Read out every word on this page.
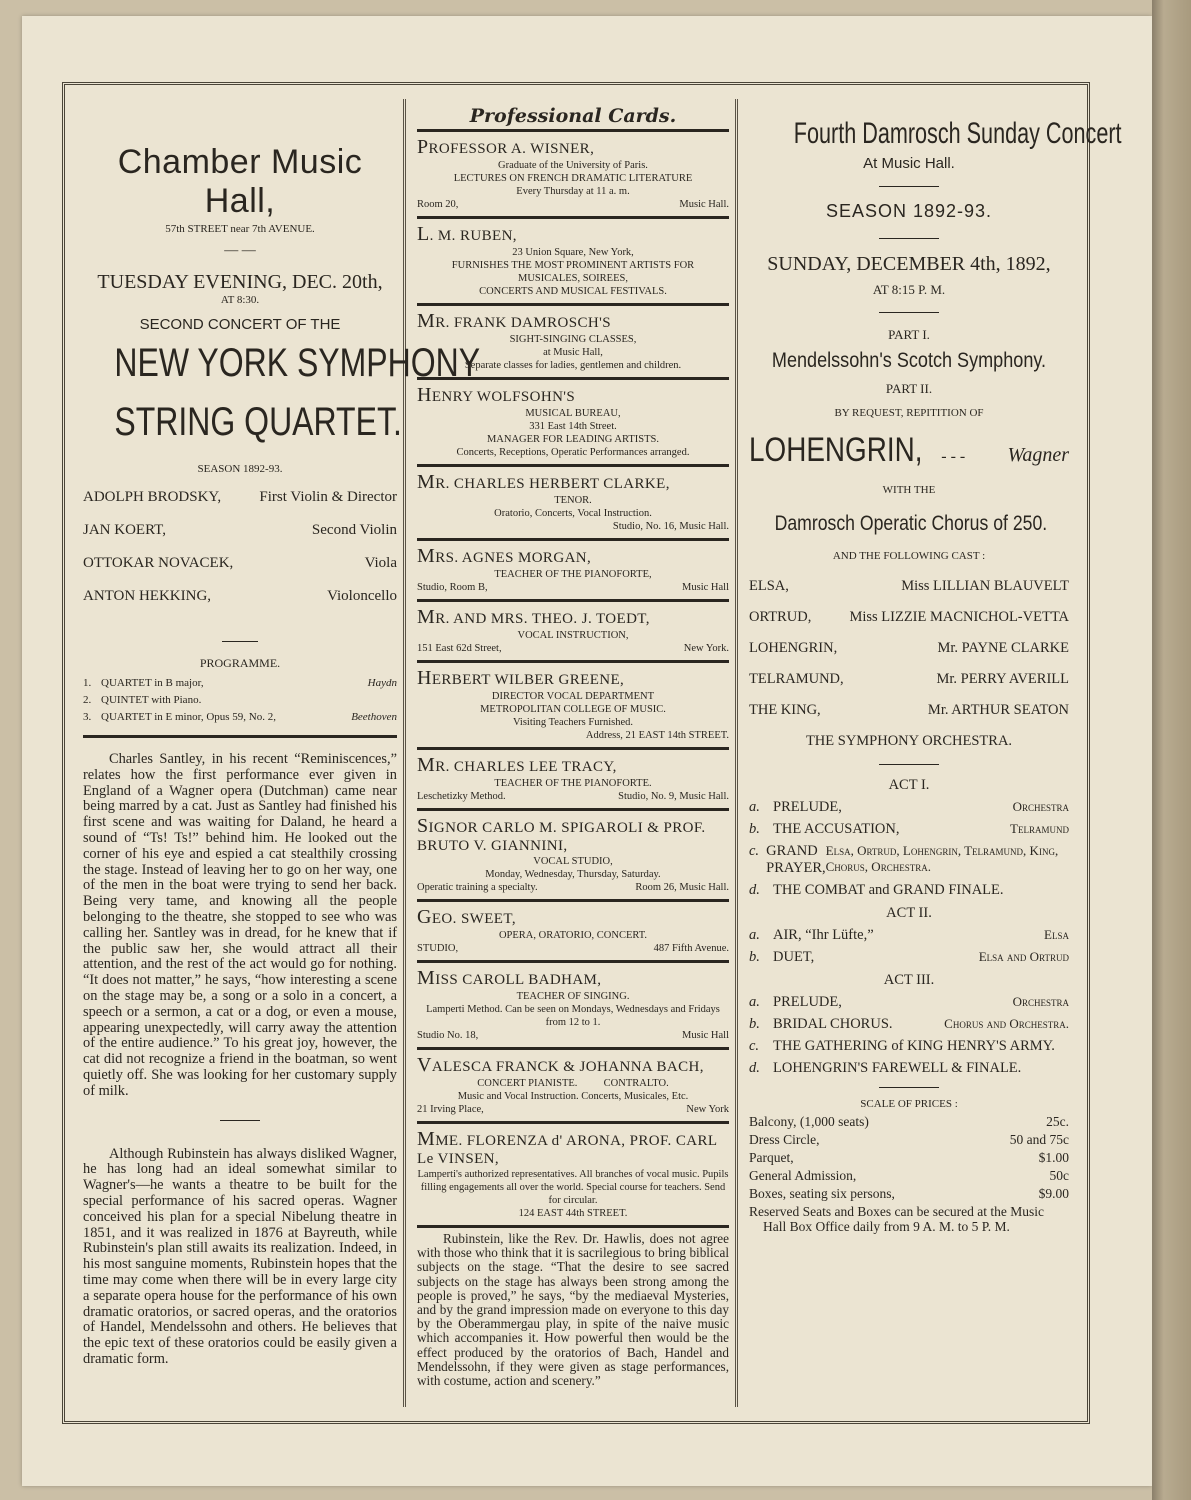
Chamber Music Hall,
57th STREET near 7th AVENUE.
— —
TUESDAY EVENING, DEC. 20th,
AT 8:30.
SECOND CONCERT OF THE
NEW YORK SYMPHONY
STRING QUARTET.
SEASON 1892-93.
ADOLPH BRODSKY,	First Violin & Director
JAN KOERT,	Second Violin
OTTOKAR NOVACEK,	Viola
ANTON HEKKING,	Violoncello
PROGRAMME.
1. QUARTET in B major,	Haydn
2. QUINTET with Piano.
3. QUARTET in E minor, Opus 59, No. 2,	Beethoven

Charles Santley, in his recent “Reminiscences,” relates how the first performance ever given in England of a Wagner opera (Dutchman) came near being marred by a cat. Just as Santley had finished his first scene and was waiting for Daland, he heard a sound of “Ts! Ts!” behind him. He looked out the corner of his eye and espied a cat stealthily crossing the stage. Instead of leaving her to go on her way, one of the men in the boat were trying to send her back. Being very tame, and knowing all the people belonging to the theatre, she stopped to see who was calling her. Santley was in dread, for he knew that if the public saw her, she would attract all their attention, and the rest of the act would go for nothing. “It does not matter,” he says, “how interesting a scene on the stage may be, a song or a solo in a concert, a speech or a sermon, a cat or a dog, or even a mouse, appearing unexpectedly, will carry away the attention of the entire audience.” To his great joy, however, the cat did not recognize a friend in the boatman, so went quietly off. She was looking for her customary supply of milk.

Although Rubinstein has always disliked Wagner, he has long had an ideal somewhat similar to Wagner's—he wants a theatre to be built for the special performance of his sacred operas. Wagner conceived his plan for a special Nibelung theatre in 1851, and it was realized in 1876 at Bayreuth, while Rubinstein's plan still awaits its realization. Indeed, in his most sanguine moments, Rubinstein hopes that the time may come when there will be in every large city a separate opera house for the performance of his own dramatic oratorios, or sacred operas, and the oratorios of Handel, Mendelssohn and others. He believes that the epic text of these oratorios could be easily given a dramatic form.

Professional Cards.
PROFESSOR A. WISNER,
Graduate of the University of Paris.
LECTURES ON FRENCH DRAMATIC LITERATURE
Every Thursday at 11 a. m.
Room 20,	Music Hall.
L. M. RUBEN,
23 Union Square, New York,
FURNISHES THE MOST PROMINENT ARTISTS FOR
MUSICALES, SOIREES,
CONCERTS AND MUSICAL FESTIVALS.
MR. FRANK DAMROSCH'S
SIGHT-SINGING CLASSES,
at Music Hall,
Separate classes for ladies, gentlemen and children.
HENRY WOLFSOHN'S
MUSICAL BUREAU,
331 East 14th Street.
MANAGER FOR LEADING ARTISTS.
Concerts, Receptions, Operatic Performances arranged.
MR. CHARLES HERBERT CLARKE,
TENOR.
Oratorio, Concerts, Vocal Instruction.
Studio, No. 16, Music Hall.
MRS. AGNES MORGAN,
TEACHER OF THE PIANOFORTE,
Studio, Room B,	Music Hall
MR. AND MRS. THEO. J. TOEDT,
VOCAL INSTRUCTION,
151 East 62d Street,	New York.
HERBERT WILBER GREENE,
DIRECTOR VOCAL DEPARTMENT
METROPOLITAN COLLEGE OF MUSIC.
Visiting Teachers Furnished.
Address, 21 EAST 14th STREET.
MR. CHARLES LEE TRACY,
TEACHER OF THE PIANOFORTE.
Leschetizky Method.	Studio, No. 9, Music Hall.
SIGNOR CARLO M. SPIGAROLI & PROF. BRUTO V. GIANNINI,
VOCAL STUDIO,
Monday, Wednesday, Thursday, Saturday.
Operatic training a specialty.	Room 26, Music Hall.
GEO. SWEET,
OPERA, ORATORIO, CONCERT.
STUDIO,	487 Fifth Avenue.
MISS CAROLL BADHAM,
TEACHER OF SINGING.
Lamperti Method. Can be seen on Mondays, Wednesdays and Fridays from 12 to 1.
Studio No. 18,	Music Hall
VALESCA FRANCK & JOHANNA BACH,
CONCERT PIANISTE.          CONTRALTO.
Music and Vocal Instruction. Concerts, Musicales, Etc.
21 Irving Place,	New York
MME. FLORENZA d' ARONA, PROF. CARL Le VINSEN,
Lamperti's authorized representatives. All branches of vocal music. Pupils filling engagements all over the world. Special course for teachers. Send for circular.
124 EAST 44th STREET.

Rubinstein, like the Rev. Dr. Hawlis, does not agree with those who think that it is sacrilegious to bring biblical subjects on the stage. “That the desire to see sacred subjects on the stage has always been strong among the people is proved,” he says, “by the mediaeval Mysteries, and by the grand impression made on everyone to this day by the Oberammergau play, in spite of the naive music which accompanies it. How powerful then would be the effect produced by the oratorios of Bach, Handel and Mendelssohn, if they were given as stage performances, with costume, action and scenery.”

Fourth Damrosch Sunday Concert
At Music Hall.
SEASON 1892-93.
SUNDAY, DECEMBER 4th, 1892,
AT 8:15 P. M.
PART I.
Mendelssohn's Scotch Symphony.
PART II.
BY REQUEST, REPITITION OF
LOHENGRIN,	- - -	Wagner
WITH THE
Damrosch Operatic Chorus of 250.
AND THE FOLLOWING CAST :
ELSA,	Miss LILLIAN BLAUVELT
ORTRUD,	Miss LIZZIE MACNICHOL-VETTA
LOHENGRIN,	Mr. PAYNE CLARKE
TELRAMUND,	Mr. PERRY AVERILL
THE KING,	Mr. ARTHUR SEATON
THE SYMPHONY ORCHESTRA.
ACT I.
a. PRELUDE,	Orchestra
b. THE ACCUSATION,	Telramund
c. GRAND PRAYER,
Elsa, Ortrud, Lohengrin, Telramund, King, Chorus, Orchestra.
d. THE COMBAT and GRAND FINALE.
ACT II.
a. AIR, “Ihr Lüfte,”	Elsa
b. DUET,	Elsa and Ortrud
ACT III.
a. PRELUDE,	Orchestra
b. BRIDAL CHORUS.	Chorus and Orchestra.
c. THE GATHERING of KING HENRY'S ARMY.
d. LOHENGRIN'S FAREWELL & FINALE.
SCALE OF PRICES :
Balcony, (1,000 seats)	25c.
Dress Circle,	50 and 75c
Parquet,	$1.00
General Admission,	50c
Boxes, seating six persons,	$9.00

Reserved Seats and Boxes can be secured at the Music Hall Box Office daily from 9 A. M. to 5 P. M.
